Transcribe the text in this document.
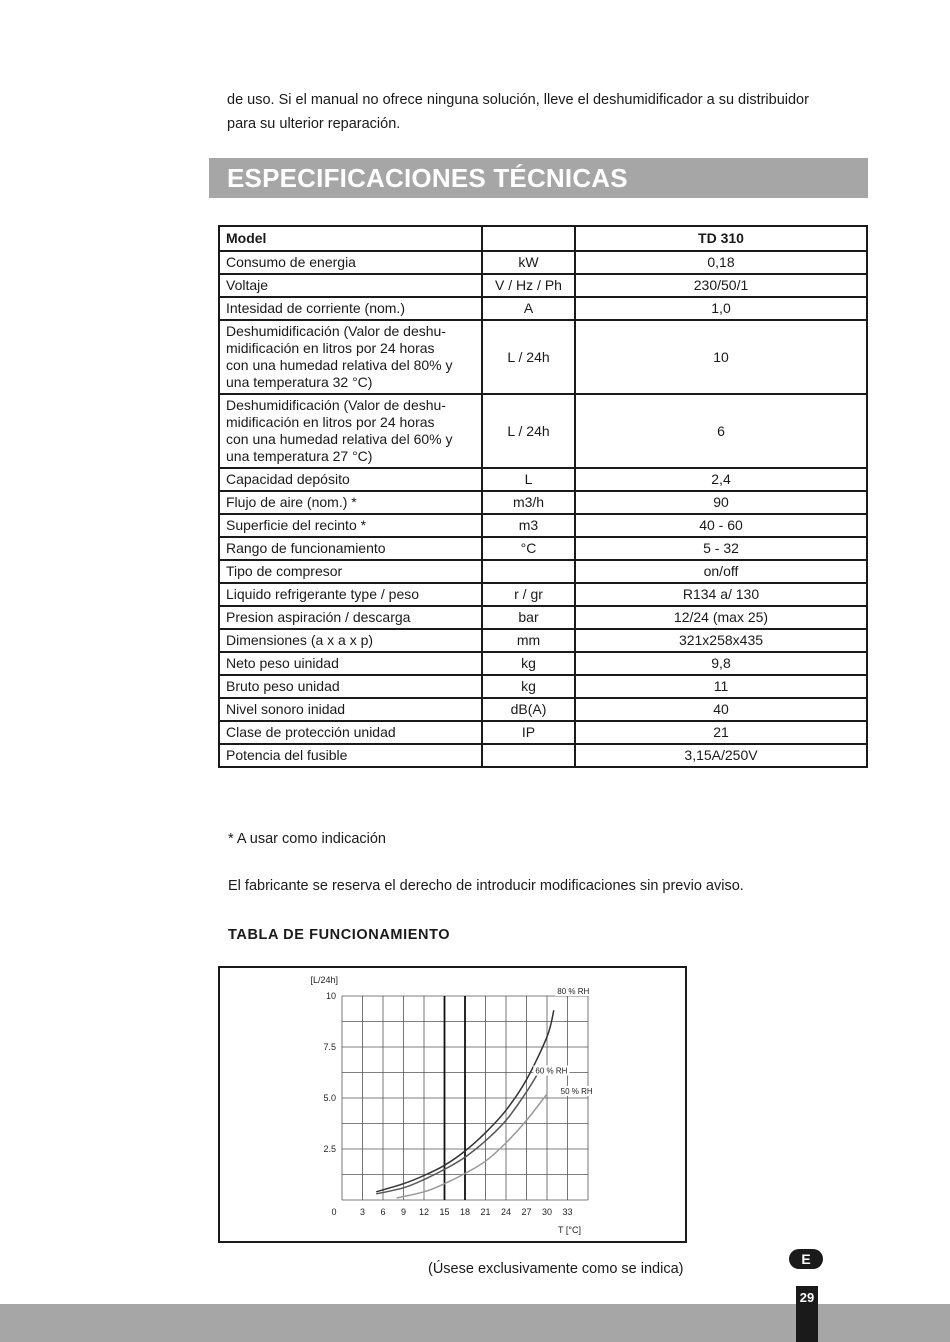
de uso. Si el manual no ofrece ninguna solución, lleve el deshumidificador a su distribuidor
para su ulterior reparación.
ESPECIFICACIONES TÉCNICAS
Model		TD 310
Consumo de energia	kW	0,18
Voltaje	V / Hz / Ph	230/50/1
Intesidad de corriente (nom.)	A	1,0
Deshumidificación (Valor de deshu-
midificación en litros por 24 horas
con una humedad relativa del 80% y
una temperatura 32 °C)	L / 24h	10
Deshumidificación (Valor de deshu-
midificación en litros por 24 horas
con una humedad relativa del 60% y
una temperatura 27 °C)	L / 24h	6
Capacidad depósito	L	2,4
Flujo de aire (nom.) *	m3/h	90
Superficie del recinto *	m3	40 - 60
Rango de funcionamiento	°C	5 - 32
Tipo de compresor		on/off
Liquido refrigerante type / peso	r / gr	R134 a/ 130
Presion aspiración / descarga	bar	12/24 (max 25)
Dimensiones (a x a x p)	mm	321x258x435
Neto peso uinidad	kg	9,8
Bruto peso unidad	kg	11
Nivel sonoro inidad	dB(A)	40
Clase de protección unidad	IP	21
Potencia del fusible		3,15A/250V
* A usar como indicación
El fabricante se reserva el derecho de introducir modificaciones sin previo aviso.
TABLA DE FUNCIONAMIENTO
2.5
5.0
7.5
10
[L/24h]
0	3 6 9 12 15 18 21 24 27 30 33
T [°C]
80 % RH
60 % RH
50 % RH
(Úsese exclusivamente como se indica)
E
29
